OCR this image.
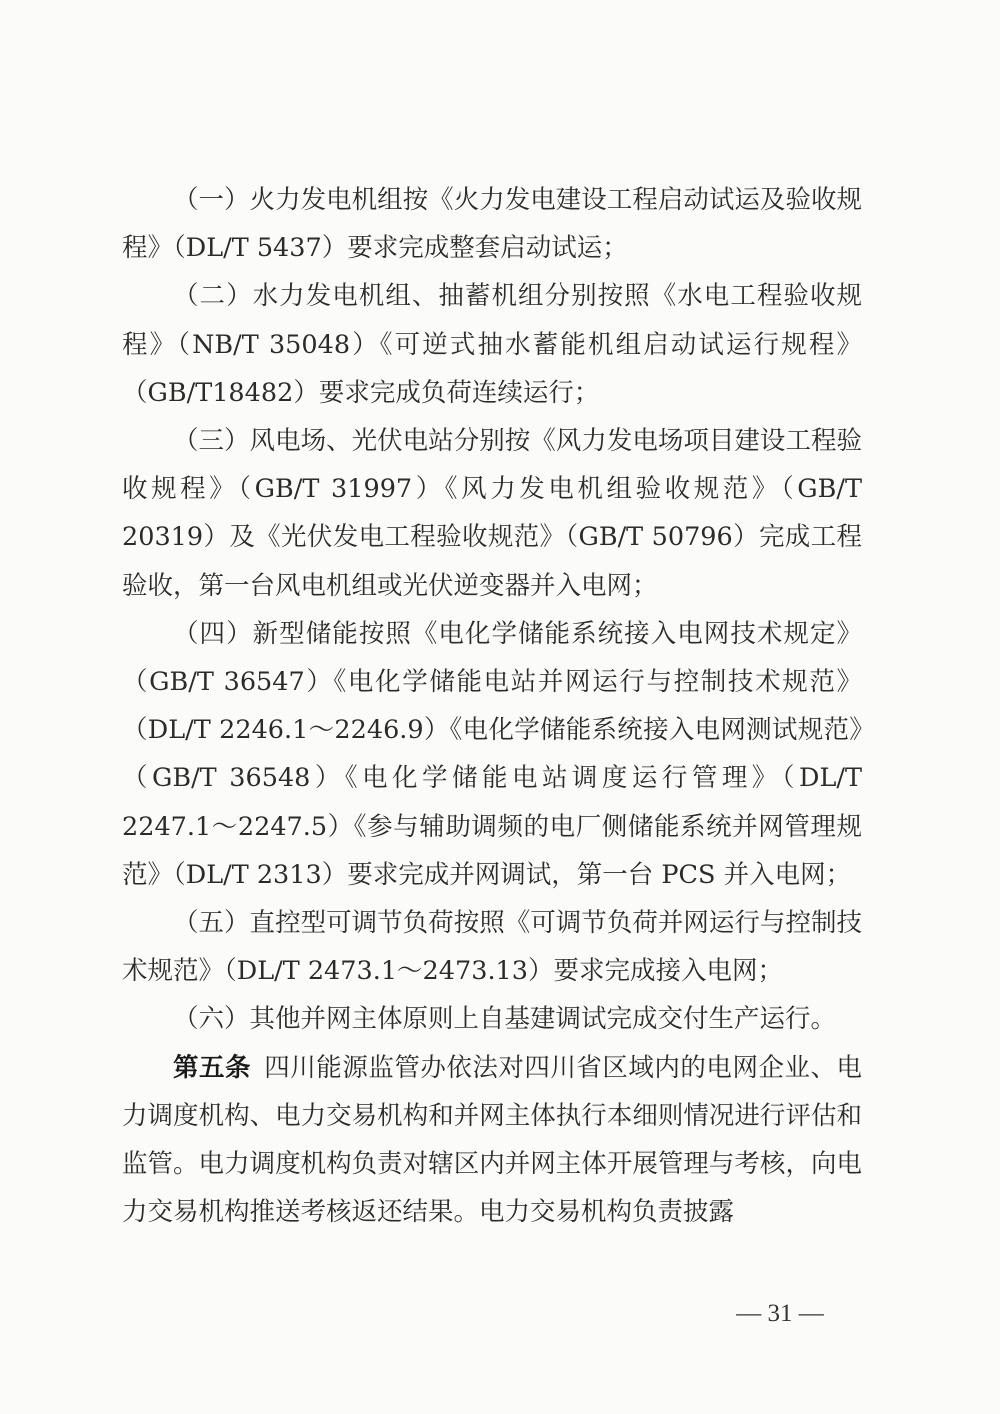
（一）火力发电机组按《火力发电建设工程启动试运及验收规程》（DL/T 5437）要求完成整套启动试运；

（二）水力发电机组、抽蓄机组分别按照《水电工程验收规程》（NB/T 35048）《可逆式抽水蓄能机组启动试运行规程》（GB/T18482）要求完成负荷连续运行；

（三）风电场、光伏电站分别按《风力发电场项目建设工程验收规程》（GB/T 31997）《风力发电机组验收规范》（GB/T 20319）及《光伏发电工程验收规范》（GB/T 50796）完成工程验收，第一台风电机组或光伏逆变器并入电网；

（四）新型储能按照《电化学储能系统接入电网技术规定》（GB/T 36547）《电化学储能电站并网运行与控制技术规范》（DL/T 2246.1～2246.9）《电化学储能系统接入电网测试规范》（GB/T 36548）《电化学储能电站调度运行管理》（DL/T 2247.1～2247.5）《参与辅助调频的电厂侧储能系统并网管理规范》（DL/T 2313）要求完成并网调试，第一台 PCS 并入电网；

（五）直控型可调节负荷按照《可调节负荷并网运行与控制技术规范》（DL/T 2473.1～2473.13）要求完成接入电网；

（六）其他并网主体原则上自基建调试完成交付生产运行。

第五条  四川能源监管办依法对四川省区域内的电网企业、电力调度机构、电力交易机构和并网主体执行本细则情况进行评估和监管。电力调度机构负责对辖区内并网主体开展管理与考核，向电力交易机构推送考核返还结果。电力交易机构负责披露

— 31 —
